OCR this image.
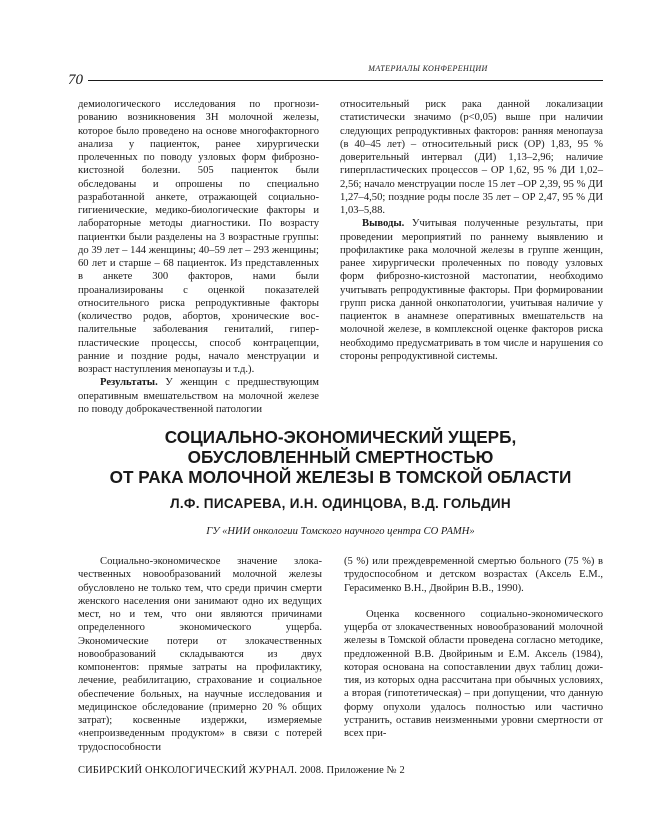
70
МАТЕРИАЛЫ КОНФЕРЕНЦИИ

демиологического исследования по прогнозированию возникновения ЗН молочной железы, которое было проведено на основе многофакторного анализа у пациенток, ранее хирургически пролеченных по поводу узловых форм фиброзно-кистозной болезни. 505 пациенток были обследованы и опрошены по специально разработанной анкете, отражающей социально-гигиенические, медико-биологические факторы и лабораторные методы диагностики. По возрасту пациентки были разделены на 3 возрастные группы: до 39 лет – 144 женщины; 40–59 лет – 293 женщины; 60 лет и старше – 68 пациенток. Из представленных в анкете 300 факторов, нами были проанализированы с оценкой показателей относительного риска репродуктивные факторы (количество родов, абортов, хронические воспалительные заболевания гениталий, гиперпластические процессы, способ контрацепции, ранние и поздние роды, начало менструации и возраст наступления менопаузы и т.д.).

Результаты. У женщин с предшествующим оперативным вмешательством на молочной железе по поводу доброкачественной патологии

относительный риск рака данной локализации статистически значимо (p<0,05) выше при наличии следующих репродуктивных факторов: ранняя менопауза (в 40–45 лет) – относительный риск (ОР) 1,83, 95 % доверительный интервал (ДИ) 1,13–2,96; наличие гиперпластических процессов – ОР 1,62, 95 % ДИ 1,02–2,56; начало менструации после 15 лет –ОР 2,39, 95 % ДИ 1,27–4,50; поздние роды после 35 лет – ОР 2,47, 95 % ДИ 1,03–5,88.

Выводы. Учитывая полученные результаты, при проведении мероприятий по раннему выявлению и профилактике рака молочной железы в группе женщин, ранее хирургически пролеченных по поводу узловых форм фиброзно-кистозной мастопатии, необходимо учитывать репродуктивные факторы. При формировании групп риска данной онкопатологии, учитывая наличие у пациенток в анамнезе оперативных вмешательств на молочной железе, в комплексной оценке факторов риска необходимо предусматривать в том числе и нарушения со стороны репродуктивной системы.

СОЦИАЛЬНО-ЭКОНОМИЧЕСКИЙ УЩЕРБ,
ОБУСЛОВЛЕННЫЙ СМЕРТНОСТЬЮ
ОТ РАКА МОЛОЧНОЙ ЖЕЛЕЗЫ В ТОМСКОЙ ОБЛАСТИ
Л.Ф. ПИСАРЕВА, И.Н. ОДИНЦОВА, В.Д. ГОЛЬДИН
ГУ «НИИ онкологии Томского научного центра СО РАМН»

Социально-экономическое значение злокачественных новообразований молочной железы обусловлено не только тем, что среди причин смерти женского населения они занимают одно их ведущих мест, но и тем, что они являются причинами определенного экономического ущерба. Экономические потери от злокачественных новообразований складываются из двух компонентов: прямые затраты на профилактику, лечение, реабилитацию, страхование и социальное обеспечение больных, на научные исследования и медицинское обследование (примерно 20 % общих затрат); косвенные издержки, измеряемые «непроизведенным продуктом» в связи с потерей трудоспособности

(5 %) или преждевременной смертью больного (75 %) в трудоспособном и детском возрастах (Аксель Е.М., Герасименко В.Н., Двойрин В.В., 1990).

Оценка косвенного социально-экономического ущерба от злокачественных новообразований молочной железы в Томской области проведена согласно методике, предложенной В.В. Двойриным и Е.М. Аксель (1984), которая основана на сопоставлении двух таблиц дожития, из которых одна рассчитана при обычных условиях, а вторая (гипотетическая) – при допущении, что данную форму опухоли удалось полностью или частично устранить, оставив неизменными уровни смертности от всех при-

СИБИРСКИЙ ОНКОЛОГИЧЕСКИЙ ЖУРНАЛ. 2008. Приложение № 2
